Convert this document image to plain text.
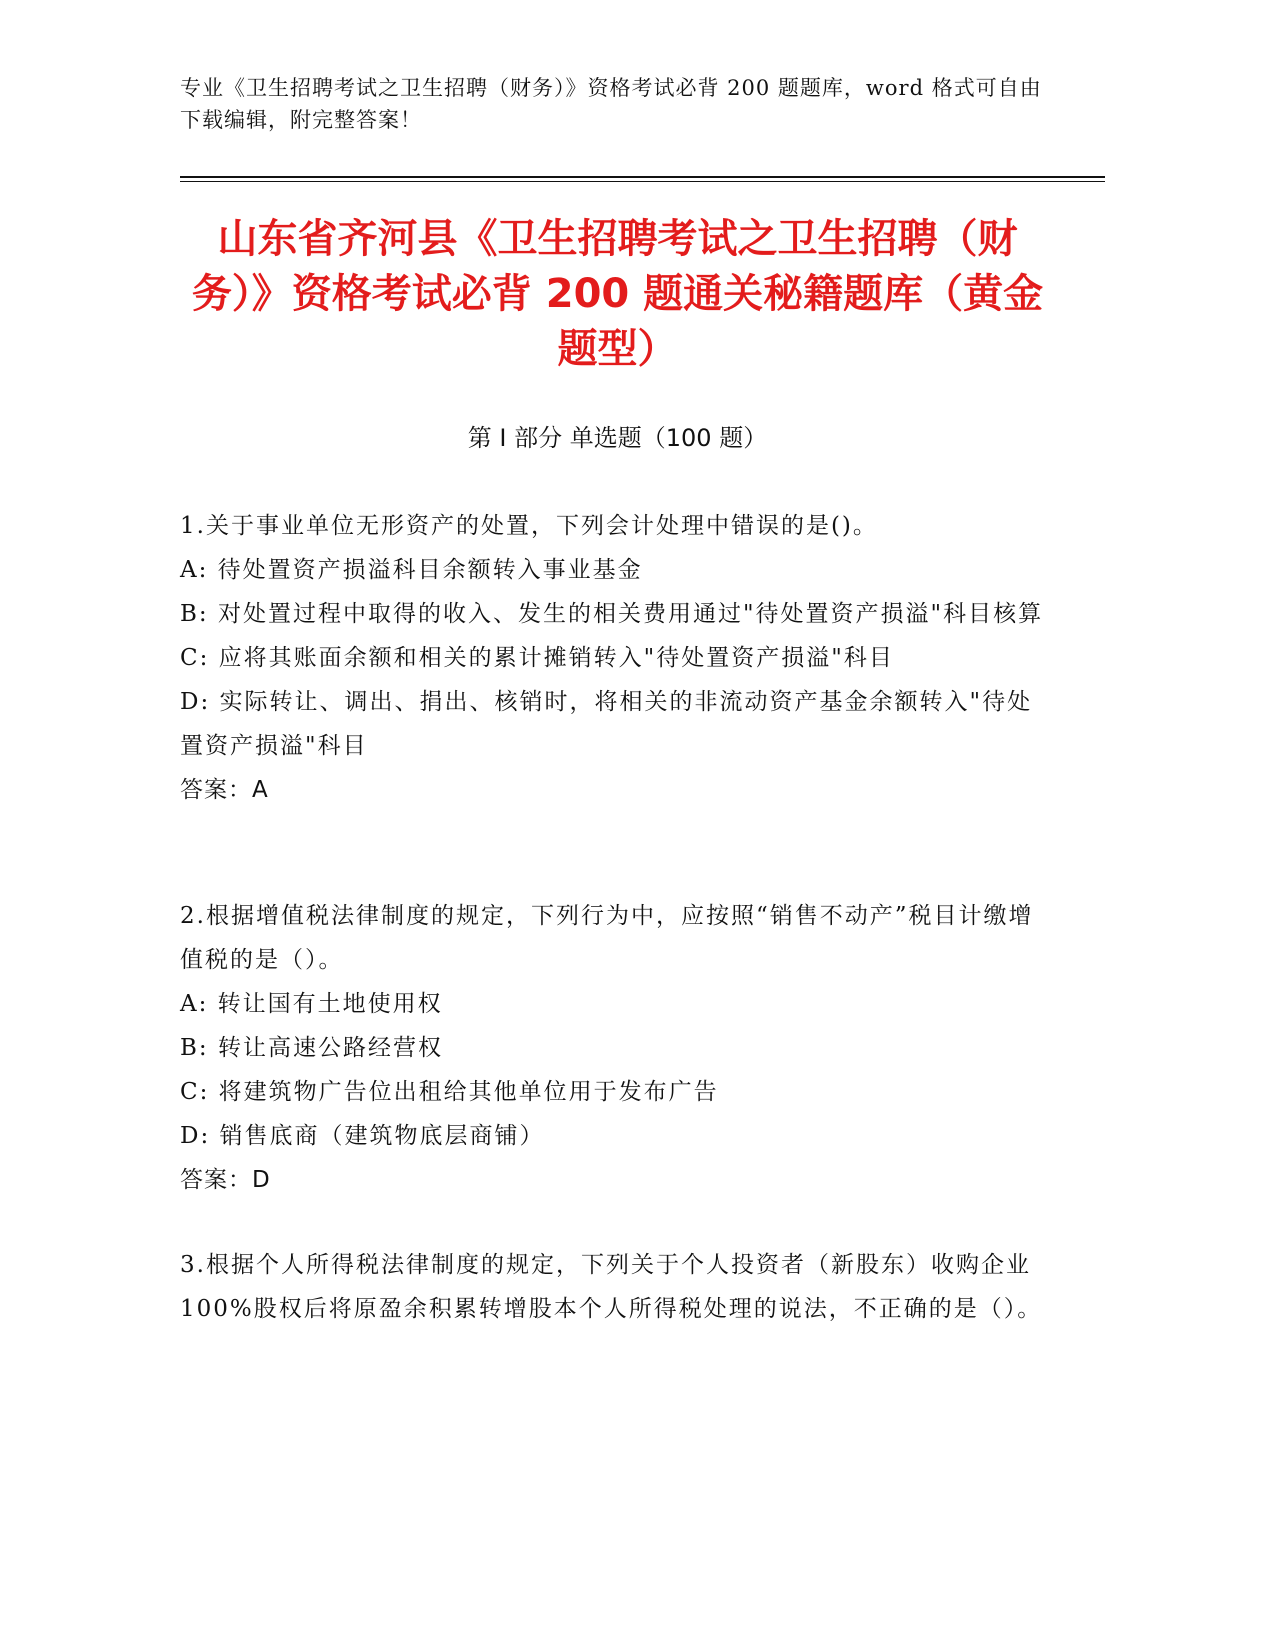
专业《卫生招聘考试之卫生招聘（财务）》资格考试必背 200 题题库，word 格式可自由下载编辑，附完整答案！
山东省齐河县《卫生招聘考试之卫生招聘（财务）》资格考试必背 200 题通关秘籍题库（黄金题型）
第 I 部分 单选题（100 题）

1.关于事业单位无形资产的处置，下列会计处理中错误的是()。

A: 待处置资产损溢科目余额转入事业基金

B: 对处置过程中取得的收入、发生的相关费用通过"待处置资产损溢"科目核算

C: 应将其账面余额和相关的累计摊销转入"待处置资产损溢"科目

D: 实际转让、调出、捐出、核销时，将相关的非流动资产基金余额转入"待处置资产损溢"科目

答案：A

2.根据增值税法律制度的规定，下列行为中，应按照“销售不动产”税目计缴增值税的是（）。

A: 转让国有土地使用权

B: 转让高速公路经营权

C: 将建筑物广告位出租给其他单位用于发布广告

D: 销售底商（建筑物底层商铺）

答案：D

3.根据个人所得税法律制度的规定，下列关于个人投资者（新股东）收购企业100%股权后将原盈余积累转增股本个人所得税处理的说法，不正确的是（）。
